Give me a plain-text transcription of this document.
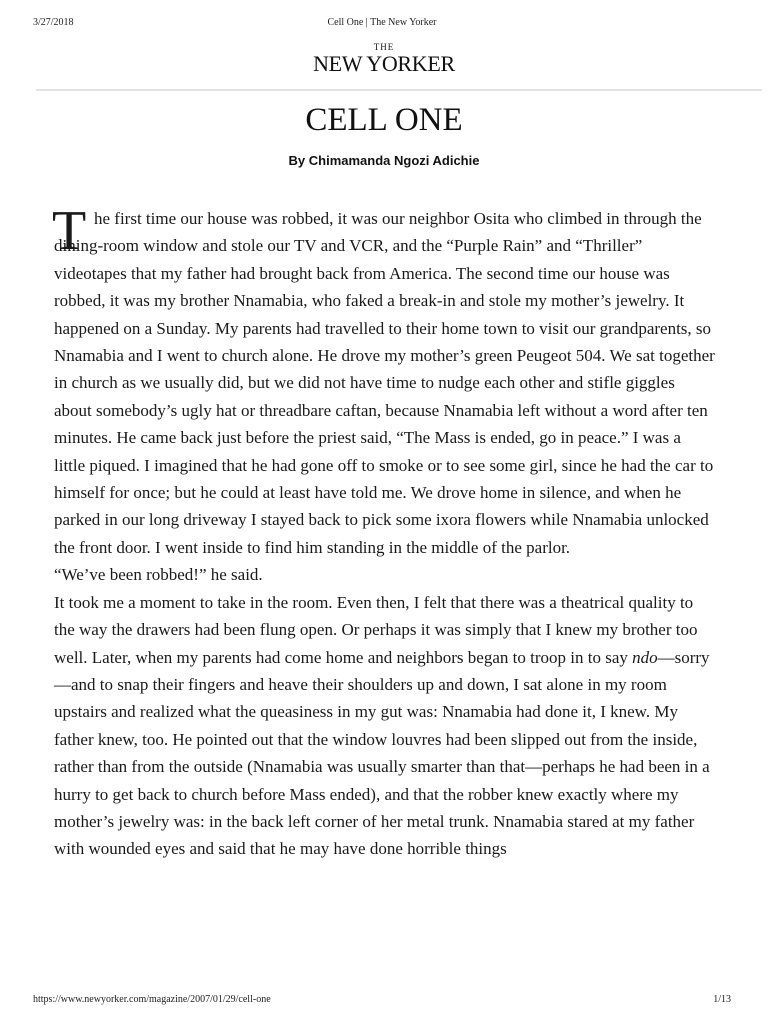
3/27/2018	Cell One | The New Yorker
THE
NEW YORKER
CELL ONE
By Chimamanda Ngozi Adichie

T he first time our house was robbed, it was our neighbor Osita who climbed in through the dining-room window and stole our TV and VCR, and the “Purple Rain” and “Thriller” videotapes that my father had brought back from America. The second time our house was robbed, it was my brother Nnamabia, who faked a break-in and stole my mother’s jewelry. It happened on a Sunday. My parents had travelled to their home town to visit our grandparents, so Nnamabia and I went to church alone. He drove my mother’s green Peugeot 504. We sat together in church as we usually did, but we did not have time to nudge each other and stifle giggles about somebody’s ugly hat or threadbare caftan, because Nnamabia left without a word after ten minutes. He came back just before the priest said, “The Mass is ended, go in peace.” I was a little piqued. I imagined that he had gone off to smoke or to see some girl, since he had the car to himself for once; but he could at least have told me. We drove home in silence, and when he parked in our long driveway I stayed back to pick some ixora flowers while Nnamabia unlocked the front door. I went inside to find him standing in the middle of the parlor.

“We’ve been robbed!” he said.

It took me a moment to take in the room. Even then, I felt that there was a theatrical quality to the way the drawers had been flung open. Or perhaps it was simply that I knew my brother too well. Later, when my parents had come home and neighbors began to troop in to say ndo—sorry—and to snap their fingers and heave their shoulders up and down, I sat alone in my room upstairs and realized what the queasiness in my gut was: Nnamabia had done it, I knew. My father knew, too. He pointed out that the window louvres had been slipped out from the inside, rather than from the outside (Nnamabia was usually smarter than that—perhaps he had been in a hurry to get back to church before Mass ended), and that the robber knew exactly where my mother’s jewelry was: in the back left corner of her metal trunk. Nnamabia stared at my father with wounded eyes and said that he may have done horrible things

https://www.newyorker.com/magazine/2007/01/29/cell-one	1/13
